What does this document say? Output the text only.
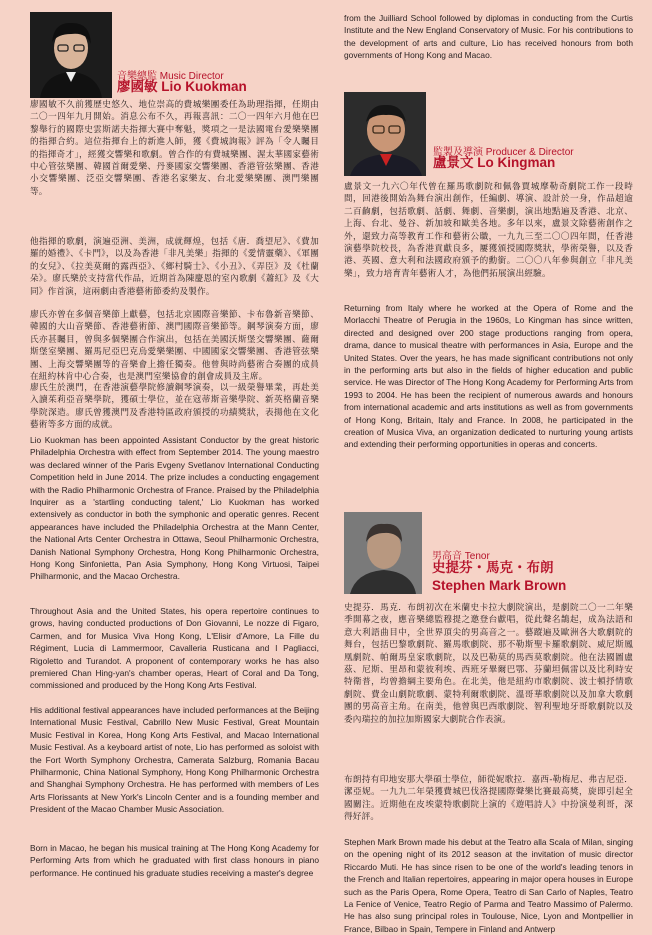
音樂總監 Music Director
廖國敏 Lio Kuokman

廖國敏不久前獲歷史悠久、地位崇高的費城樂團委任為助理指揮，任期由二〇一四年九月開始。消息公布不久，再報喜訊：二〇一四年六月他在巴黎舉行的國際史雲斯諾夫指揮大賽中奪魁，獎項之一是法國電台愛樂樂團的指揮合約。這位指揮台上的新進人師，獲《費城詢報》評為「令人矚目的指揮奇才」，經獲交響樂和歌劇。曾合作的有費城樂團、渥太華國家藝術中心管弦樂團、韓國首爾愛樂、丹麥國家交響樂團、香港管弦樂團、香港小交響樂團、泛亞交響樂團、香港名家樂友、台北愛樂樂團、澳門樂團等。

他指揮的歌劇，演遍亞洲、美洲，成就輝煌，包括《唐．喬望尼》、《費加羅的婚禮》、《卡門》，以及為香港「非凡美樂」指揮的《愛情靈藥》、《軍團的女兒》、《拉美莫爾的露西亞》、《鄉村騎士》、《小丑》、《弄臣》及《杜蘭朵》。廖氏樂於支持當代作品，近期首為陳慶恩的室內歌劇《蕭紅》及《大同》作首演，這兩劇由香港藝術節委約及製作。

廖氏亦曾在多個音樂節上獻藝，包括北京國際音樂節、卡布魯新音樂節、韓國的大山音樂節、香港藝術節、澳門國際音樂節等。鋼琴演奏方面，廖氏亦甚矚目，曾與多個樂團合作演出，包括在美國沃斯堡交響樂團、薩爾斯堡室樂團、羅馬尼亞巴克烏愛樂樂團、中國國家交響樂團、香港管弦樂團、上海交響樂團等的音樂會上擔任獨奏。他曾與時尚藝術合奏團的成員在紐約林肯中心合奏，也是澳門室樂協會的創會成員及主席。

廖氏生於澳門，在香港演藝學院修讀鋼琴演奏，以一級榮譽畢業，再赴美入讀茱莉亞音樂學院，獲碩士學位，並在寇蒂斯音樂學院、新英格蘭音樂學院深造。廖氏曾獲澳門及香港特區政府頒授的功績獎狀，表揚他在文化藝術等多方面的成就。

Lio Kuokman has been appointed Assistant Conductor by the great historic Philadelphia Orchestra with effect from September 2014. The young maestro was declared winner of the Paris Evgeny Svetlanov International Conducting Competition held in June 2014. The prize includes a conducting engagement with the Radio Philharmonic Orchestra of France. Praised by the Philadelphia Inquirer as a 'startling conducting talent,' Lio Kuokman has worked extensively as conductor in both the symphonic and operatic genres. Recent appearances have included the Philadelphia Orchestra at the Mann Center, the National Arts Center Orchestra in Ottawa, Seoul Philharmonic Orchestra, Danish National Symphony Orchestra, Hong Kong Philharmonic Orchestra, Hong Kong Sinfonietta, Pan Asia Symphony, Hong Kong Virtuosi, Taipei Philharmonic, and the Macao Orchestra.

Throughout Asia and the United States, his opera repertoire continues to grows, having conducted productions of Don Giovanni, Le nozze di Figaro, Carmen, and for Musica Viva Hong Kong, L'Elisir d'Amore, La Fille du Régiment, Lucia di Lammermoor, Cavalleria Rusticana and I Pagliacci, Rigoletto and Turandot. A proponent of contemporary works he has also premiered Chan Hing-yan's chamber operas, Heart of Coral and Da Tong, commissioned and produced by the Hong Kong Arts Festival.

His additional festival appearances have included performances at the Beijing International Music Festival, Cabrillo New Music Festival, Great Mountain Music Festival in Korea, Hong Kong Arts Festival, and Macao International Music Festival. As a keyboard artist of note, Lio has performed as soloist with the Fort Worth Symphony Orchestra, Camerata Salzburg, Romania Bacau Philharmonic, China National Symphony, Hong Kong Philharmonic Orchestra and Shanghai Symphony Orchestra. He has performed with members of Les Arts Florissants at New York's Lincoln Center and is a founding member and President of the Macao Chamber Music Association.

Born in Macao, he began his musical training at The Hong Kong Academy for Performing Arts from which he graduated with first class honours in piano performance. He continued his graduate studies receiving a master's degree

from the Juilliard School followed by diplomas in conducting from the Curtis Institute and the New England Conservatory of Music. For his contributions to the development of arts and culture, Lio has received honours from both governments of Hong Kong and Macao.

監製及導演 Producer & Director
盧景文 Lo Kingman

盧景文一九六〇年代曾在羅馬歌劇院和佩魯賈城摩勒奇劇院工作一段時間，回港後開始為舞台演出創作，任編劇、導演、設計於一身，作品超逾二百齣劇，包括歌劇、話劇、舞劇、音樂劇，演出地點遍及香港、北京、上海、台北、曼谷、新加坡和歐美各地。多年以來，盧景文除藝術創作之外，還致力高等教育工作和藝術公職，一九九三至二〇〇四年間，任香港演藝學院校長，為香港貢獻良多，屢獲頒授國際獎狀，學術榮譽，以及香港、英國、意大利和法國政府頒予的勳銜。二〇〇八年參與創立「非凡美樂」，致力培育青年藝術人才，為他們拓展演出經驗。

Returning from Italy where he worked at the Opera of Rome and the Morlacchi Theatre of Perugia in the 1960s, Lo Kingman has since written, directed and designed over 200 stage productions ranging from opera, drama, dance to musical theatre with performances in Asia, Europe and the United States. Over the years, he has made significant contributions not only in the performing arts but also in the fields of higher education and public service. He was Director of The Hong Kong Academy for Performing Arts from 1993 to 2004. He has been the recipient of numerous awards and honours from international academic and arts institutions as well as from governments of Hong Kong, Britain, Italy and France. In 2008, he participated in the creation of Musica Viva, an organization dedicated to nurturing young artists and extending their performing opportunities in operas and concerts.

男高音 Tenor
史提芬・馬克・布朗
Stephen Mark Brown

史提芬．馬克．布朗初次在米蘭史卡拉大劇院演出，是劇院二〇一二年樂季開幕之夜，應音樂總監穆提之邀登台獻唱，從此聲名鵲起，成為法語和意大利語曲目中，全世界頂尖的男高音之一。藝蹤遍及歐洲各大歌劇院的舞台，包括巴黎歌劇院、羅馬歌劇院、那不勒斯聖卡羅歌劇院、威尼斯鳳凰劇院、帕爾馬皇家歌劇院，以及巴勒莫的馬西莫歌劇院。他在法國圖盧茲、尼斯、里昂和蒙彼利埃、西班牙畢爾巴鄂、芬蘭坦佩雷以及比利時安特衛普，均曾擔綱主要角色。在北美，他是紐約市歌劇院、波士頓抒情歌劇院、費金山劇院歌劇、蒙特利爾歌劇院、溫哥華歌劇院以及加拿大歌劇團的男高音主角。在南美，他曾與巴西歌劇院、智利聖地牙哥歌劇院以及委內瑞拉的加拉加斯國家大劇院合作表演。

布朗持有印地安那大學碩士學位，師從妮歌拉．嘉西-勒梅尼、弗吉尼亞．潔亞妮。一九九二年榮獲費城巴伐洛提國際聲樂比賽最高獎，旋即引起全國關注。近期他在皮埃蒙特歌劇院上演的《遊唱詩人》中扮演曼利哥，深得好評。

Stephen Mark Brown made his debut at the Teatro alla Scala of Milan, singing on the opening night of its 2012 season at the invitation of music director Riccardo Muti. He has since risen to be one of the world's leading tenors in the French and Italian repertoires, appearing in major opera houses in Europe such as the Paris Opera, Rome Opera, Teatro di San Carlo of Naples, Teatro La Fenice of Venice, Teatro Regio of Parma and Teatro Massimo of Palermo. He has also sung principal roles in Toulouse, Nice, Lyon and Montpellier in France, Bilbao in Spain, Tempere in Finland and Antwerp
